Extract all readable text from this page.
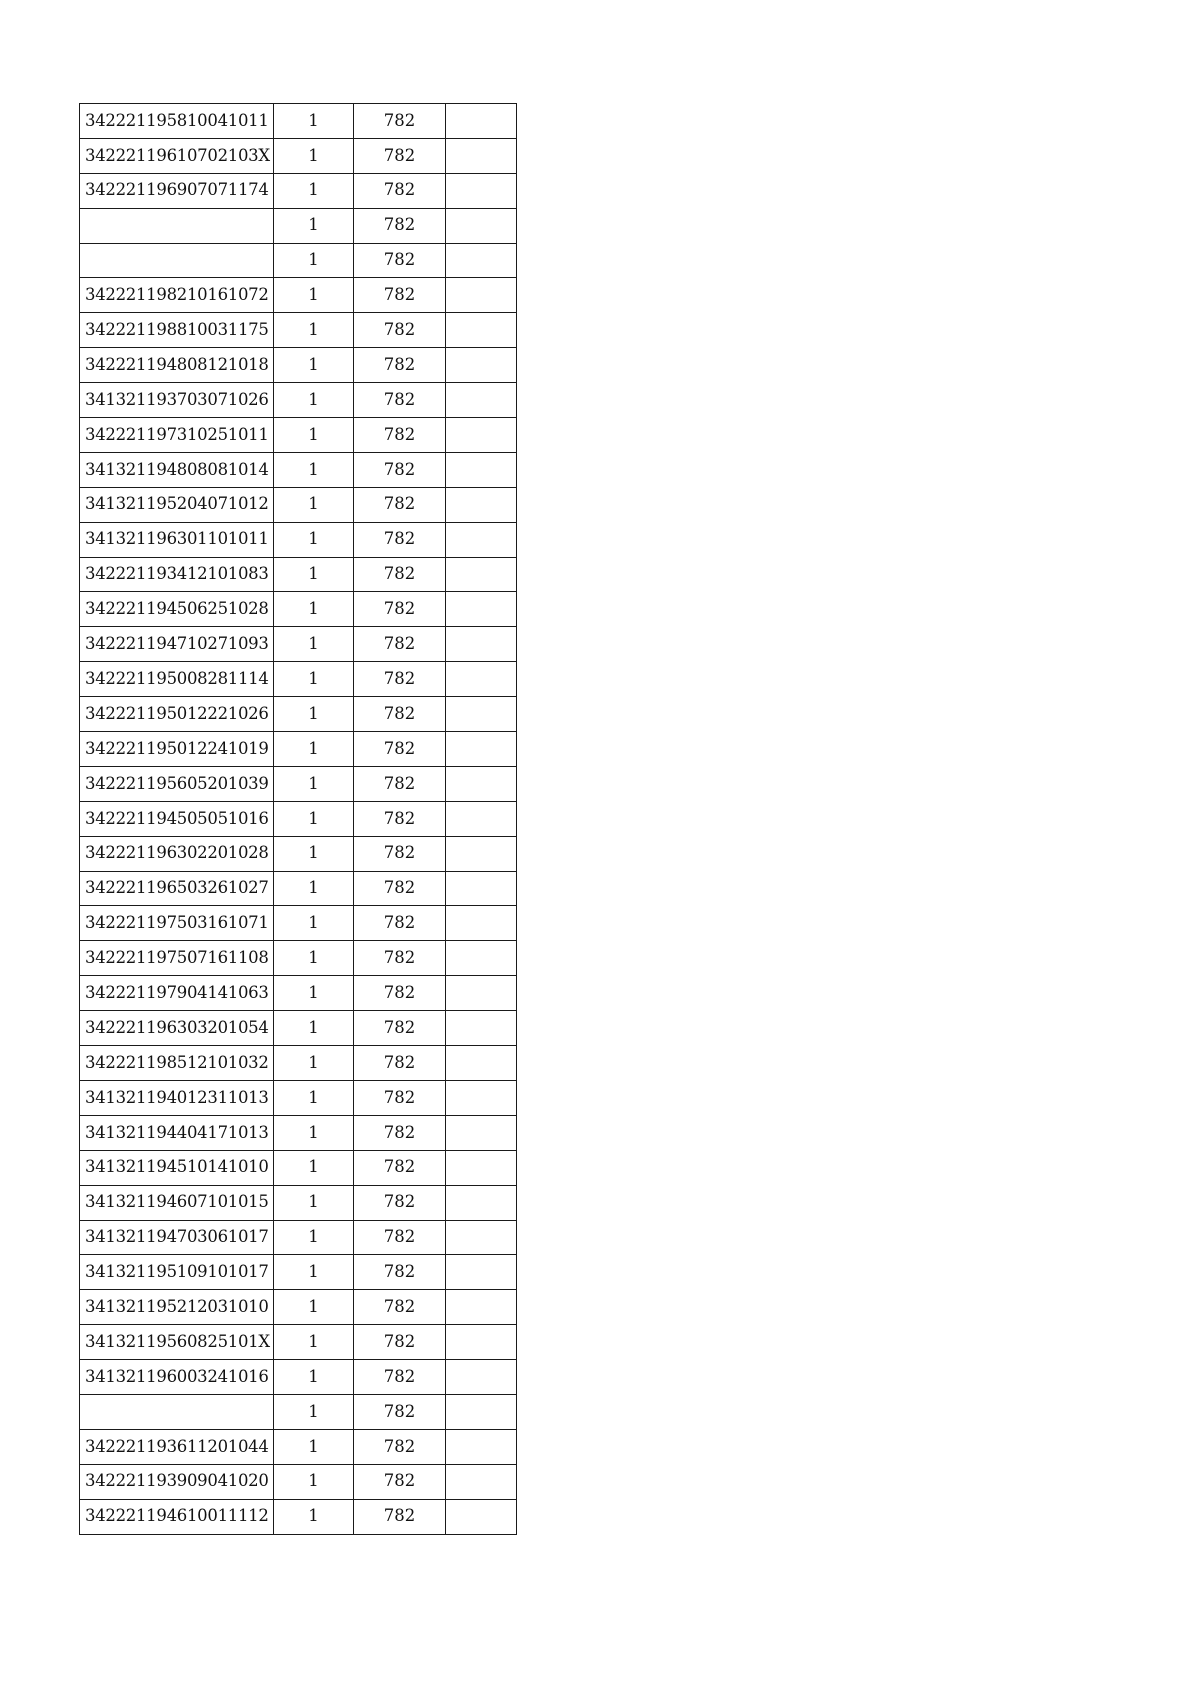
342221195810041011	1	782	
34222119610702103X	1	782	
342221196907071174	1	782	
	1	782	
	1	782	
342221198210161072	1	782	
342221198810031175	1	782	
342221194808121018	1	782	
341321193703071026	1	782	
342221197310251011	1	782	
341321194808081014	1	782	
341321195204071012	1	782	
341321196301101011	1	782	
342221193412101083	1	782	
342221194506251028	1	782	
342221194710271093	1	782	
342221195008281114	1	782	
342221195012221026	1	782	
342221195012241019	1	782	
342221195605201039	1	782	
342221194505051016	1	782	
342221196302201028	1	782	
342221196503261027	1	782	
342221197503161071	1	782	
342221197507161108	1	782	
342221197904141063	1	782	
342221196303201054	1	782	
342221198512101032	1	782	
341321194012311013	1	782	
341321194404171013	1	782	
341321194510141010	1	782	
341321194607101015	1	782	
341321194703061017	1	782	
341321195109101017	1	782	
341321195212031010	1	782	
34132119560825101X	1	782	
341321196003241016	1	782	
	1	782	
342221193611201044	1	782	
342221193909041020	1	782	
342221194610011112	1	782	
